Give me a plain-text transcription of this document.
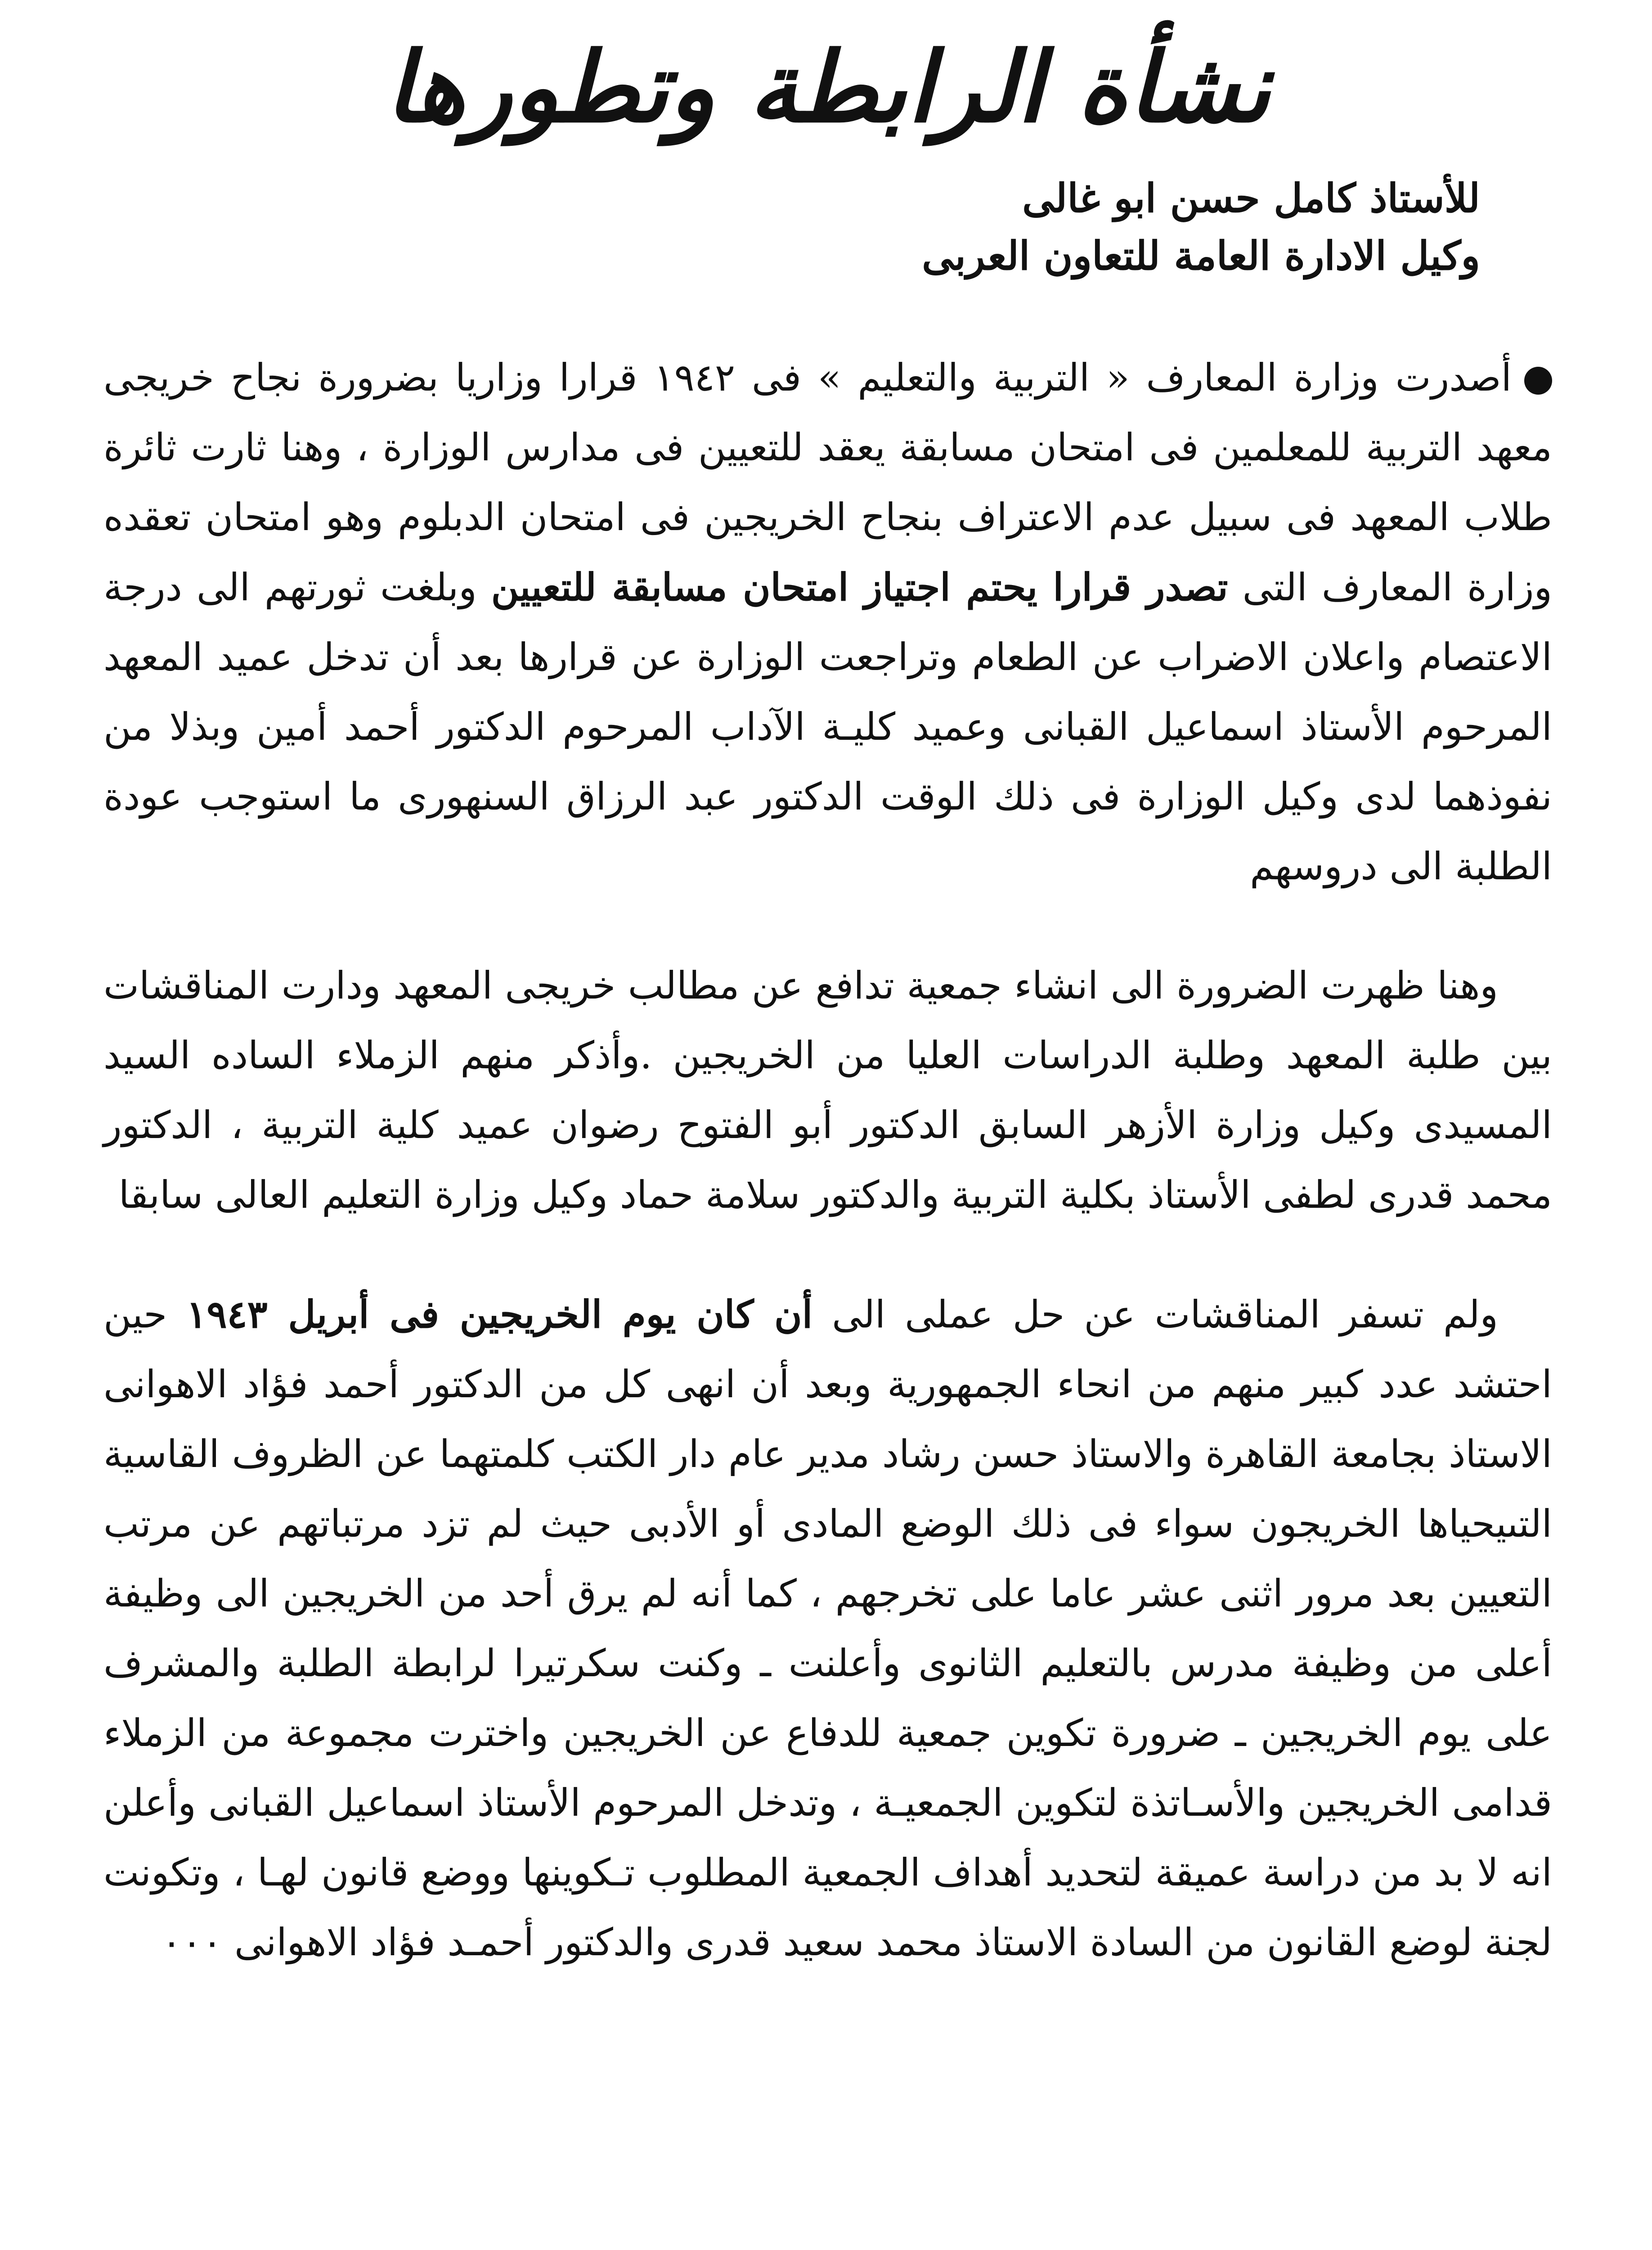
نشأة الرابطة وتطورها
للأستاذ كامل حسن ابو غالى
وكيل الادارة العامة للتعاون العربى

أصدرت وزارة المعارف « التربية والتعليم » فى ١٩٤٢ قرارا وزاريا بضرورة نجاح خريجى معهد التربية للمعلمين فى امتحان مسابقة يعقد للتعيين فى مدارس الوزارة ، وهنا ثارت ثائرة طلاب المعهد فى سبيل عدم الاعتراف بنجاح الخريجين فى امتحان الدبلوم وهو امتحان تعقده وزارة المعارف التى تصدر قرارا يحتم اجتياز امتحان مسابقة للتعيين وبلغت ثورتهم الى درجة الاعتصام واعلان الاضراب عن الطعام وتراجعت الوزارة عن قرارها بعد أن تدخل عميد المعهد المرحوم الأستاذ اسماعيل القبانى وعميد كليـة الآداب المرحوم الدكتور أحمد أمين وبذلا من نفوذهما لدى وكيل الوزارة فى ذلك الوقت الدكتور عبد الرزاق السنهورى ما استوجب عودة الطلبة الى دروسهم

وهنا ظهرت الضرورة الى انشاء جمعية تدافع عن مطالب خريجى المعهد ودارت المناقشات بين طلبة المعهد وطلبة الدراسات العليا من الخريجين .وأذكر منهم الزملاء الساده السيد المسيدى وكيل وزارة الأزهر السابق الدكتور أبو الفتوح رضوان عميد كلية التربية ، الدكتور محمد قدرى لطفى الأستاذ بكلية التربية والدكتور سلامة حماد وكيل وزارة التعليم العالى سابقا

ولم تسفر المناقشات عن حل عملى الى أن كان يوم الخريجين فى أبريل ١٩٤٣ حين احتشد عدد كبير منهم من انحاء الجمهورية وبعد أن انهى كل من الدكتور أحمد فؤاد الاهوانى الاستاذ بجامعة القاهرة والاستاذ حسن رشاد مدير عام دار الكتب كلمتهما عن الظروف القاسية التىيحياها الخريجون سواء فى ذلك الوضع المادى أو الأدبى حيث لم تزد مرتباتهم عن مرتب التعيين بعد مرور اثنى عشر عاما على تخرجهم ، كما أنه لم يرق أحد من الخريجين الى وظيفة أعلى من وظيفة مدرس بالتعليم الثانوى وأعلنت ـ وكنت سكرتيرا لرابطة الطلبة والمشرف على يوم الخريجين ـ ضرورة تكوين جمعية للدفاع عن الخريجين واخترت مجموعة من الزملاء قدامى الخريجين والأسـاتذة لتكوين الجمعيـة ، وتدخل المرحوم الأستاذ اسماعيل القبانى وأعلن انه لا بد من دراسة عميقة لتحديد أهداف الجمعية المطلوب تـكوينها ووضع قانون لهـا ، وتكونت لجنة لوضع القانون من السادة الاستاذ محمد سعيد قدرى والدكتور أحمـد فؤاد الاهوانى ٠٠٠
